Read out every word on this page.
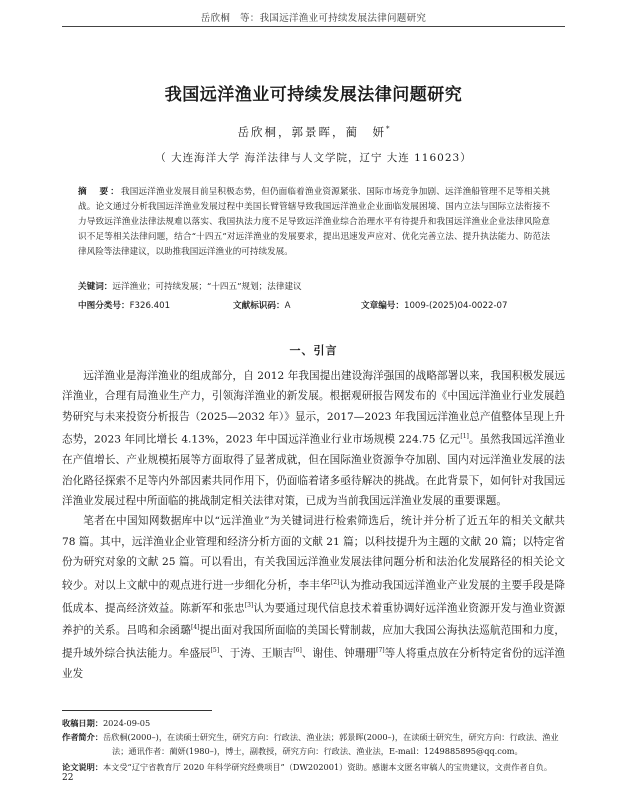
岳欣桐　等：我国远洋渔业可持续发展法律问题研究
我国远洋渔业可持续发展法律问题研究
岳欣桐，郭景晖，蔺　妍*
（ 大连海洋大学 海洋法律与人文学院，辽宁 大连 116023）
摘　要：我国远洋渔业发展目前呈积极态势，但仍面临着渔业资源紧张、国际市场竞争加剧、远洋渔船管理不足等相关挑战。论文通过分析我国远洋渔业发展过程中美国长臂管辖导致我国远洋渔业企业面临发展困境、国内立法与国际立法衔接不力导致远洋渔业法律法规难以落实、我国执法力度不足导致远洋渔业综合治理水平有待提升和我国远洋渔业企业法律风险意识不足等相关法律问题，结合“十四五”对远洋渔业的发展要求，提出迅速发声应对、优化完善立法、提升执法能力、防范法律风险等法律建议，以助推我国远洋渔业的可持续发展。
关键词：远洋渔业；可持续发展；“十四五”规划；法律建议
中图分类号：F326.401	文献标识码：A	文章编号：1009-(2025)04-0022-07
一、引言

远洋渔业是海洋渔业的组成部分，自 2012 年我国提出建设海洋强国的战略部署以来，我国积极发展远洋渔业，合理有局渔业生产力，引领海洋渔业的新发展。根据观研报告网发布的《中国远洋渔业行业发展趋势研究与未来投资分析报告（2025—2032 年）》显示，2017—2023 年我国远洋渔业总产值整体呈现上升态势，2023 年同比增长 4.13%，2023 年中国远洋渔业行业市场规模 224.75 亿元[1]。虽然我国远洋渔业在产值增长、产业规模拓展等方面取得了显著成就，但在国际渔业资源争夺加剧、国内对远洋渔业发展的法治化路径探索不足等内外部因素共同作用下，仍面临着诸多亟待解决的挑战。在此背景下，如何针对我国远洋渔业发展过程中所面临的挑战制定相关法律对策，已成为当前我国远洋渔业发展的重要课题。

笔者在中国知网数据库中以“远洋渔业”为关键词进行检索筛选后，统计并分析了近五年的相关文献共 78 篇。其中，远洋渔业企业管理和经济分析方面的文献 21 篇；以科技提升为主题的文献 20 篇；以特定省份为研究对象的文献 25 篇。可以看出，有关我国远洋渔业发展法律问题分析和法治化发展路径的相关论文较少。对以上文献中的观点进行进一步细化分析，李丰华[2]认为推动我国远洋渔业产业发展的主要手段是降低成本、提高经济效益。陈新军和张忠[3]认为要通过现代信息技术着重协调好远洋渔业资源开发与渔业资源养护的关系。吕鸣和余函璐[4]提出面对我国所面临的美国长臂制裁，应加大我国公海执法巡航范围和力度，提升域外综合执法能力。牟盛辰[5]、于涛、王顺吉[6]、谢佳、钟珊珊[7]等人将重点放在分析特定省份的远洋渔业发

22
收稿日期：2024-09-05
作者简介：岳欣桐(2000–)，在读硕士研究生，研究方向：行政法、渔业法；郭景晖(2000–)，在读硕士研究生，研究方向：行政法、渔业法；通讯作者：蔺妍(1980–)，博士，副教授，研究方向：行政法、渔业法，E-mail：1249885895@qq.com。
论文说明：本文受“辽宁省教育厅 2020 年科学研究经费项目”（DW202001）资助。感谢本文匿名审稿人的宝贵建议，文责作者自负。
